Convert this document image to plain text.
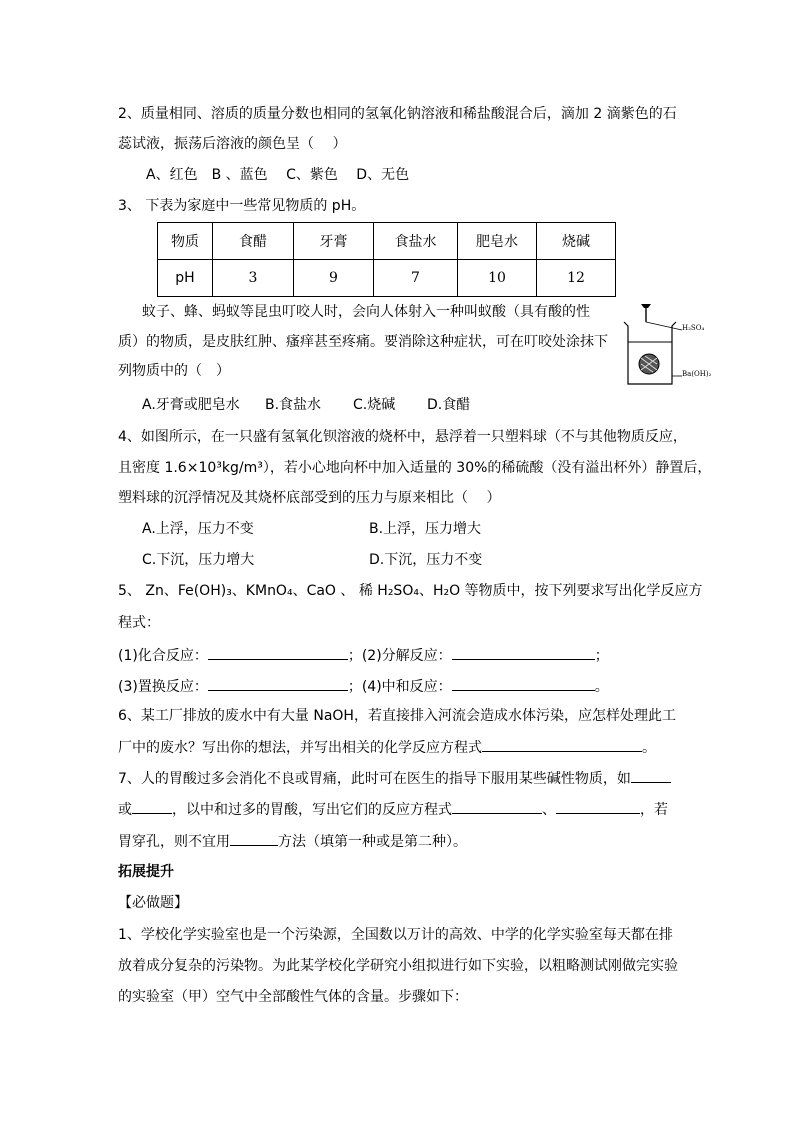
2、质量相同、溶质的质量分数也相同的氢氧化钠溶液和稀盐酸混合后，滴加 2 滴紫色的石
蕊试液，振荡后溶液的颜色呈（　 ）
A、红色　B 、蓝色　 C、紫色　 D、无色
3、 下表为家庭中一些常见物质的 pH。
物质	食醋	牙膏	食盐水	肥皂水	烧碱
pH	3	9	7	10	12
蚊子、蜂、蚂蚁等昆虫叮咬人时，会向人体射入一种叫蚁酸（具有酸的性
质）的物质，是皮肤红肿、瘙痒甚至疼痛。要消除这种症状，可在叮咬处涂抹下
列物质中的（　）
A.牙膏或肥皂水 B.食盐水 C.烧碱 D.食醋
H₂SO₄
Ba(OH)₂
4、如图所示，在一只盛有氢氧化钡溶液的烧杯中，悬浮着一只塑料球（不与其他物质反应，
且密度 1.6×10³kg/m³），若小心地向杯中加入适量的 30%的稀硫酸（没有溢出杯外）静置后，
塑料球的沉浮情况及其烧杯底部受到的压力与原来相比（　 ）
A.上浮，压力不变	B.上浮，压力增大
C.下沉，压力增大	D.下沉，压力不变
5、 Zn、Fe(OH)₃、KMnO₄、CaO 、 稀 H₂SO₄、H₂O 等物质中，按下列要求写出化学反应方
程式：
(1)化合反应：	；(2)分解反应：	；
(3)置换反应：	；(4)中和反应：	。
6、某工厂排放的废水中有大量 NaOH，若直接排入河流会造成水体污染，应怎样处理此工
厂中的废水？写出你的想法，并写出相关的化学反应方程式	。
7、人的胃酸过多会消化不良或胃痛，此时可在医生的指导下服用某些碱性物质，如
或	，以中和过多的胃酸，写出它们的反应方程式	、	，若
胃穿孔，则不宜用	方法（填第一种或是第二种）。
拓展提升
【必做题】
1、学校化学实验室也是一个污染源，全国数以万计的高效、中学的化学实验室每天都在排
放着成分复杂的污染物。为此某学校化学研究小组拟进行如下实验，以粗略测试刚做完实验
的实验室（甲）空气中全部酸性气体的含量。步骤如下：
